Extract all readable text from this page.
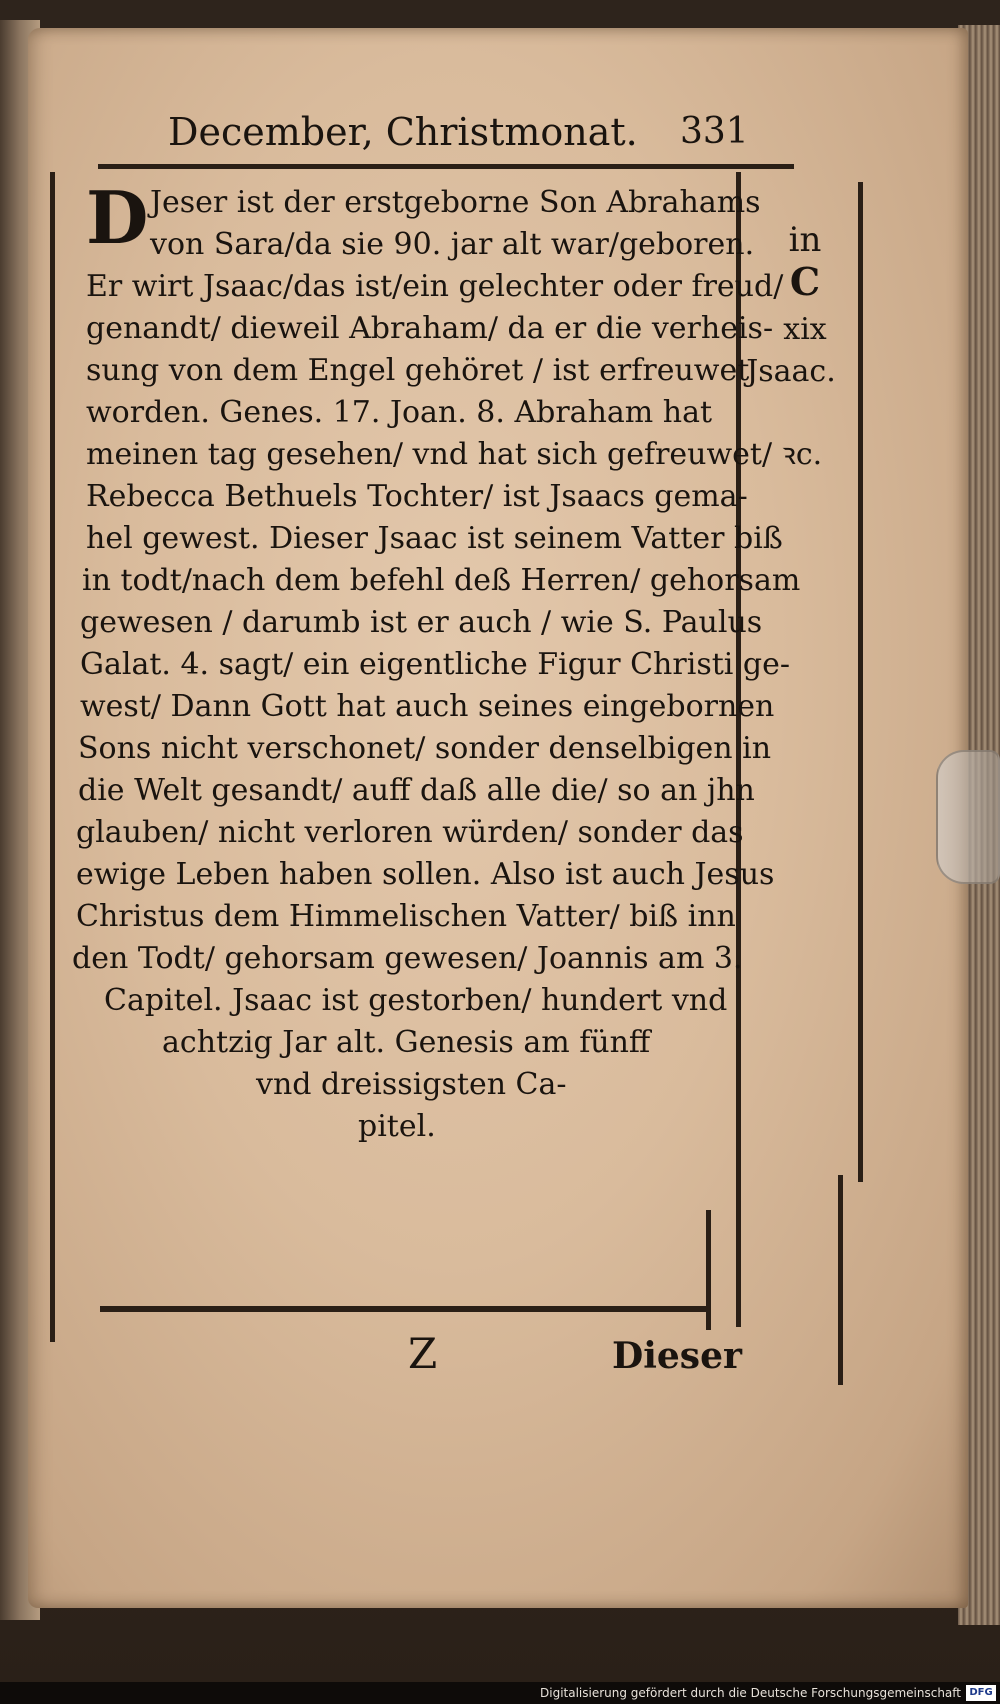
December, Christmonat.	331
D Jeser ist der erstgeborne Son Abrahams
von Sara/da sie 90. jar alt war/geboren.
Er wirt Jsaac/das ist/ein gelechter oder freud/
genandt/ dieweil Abraham/ da er die verheis-
sung von dem Engel gehöret / ist erfreuwet
worden. Genes. 17. Joan. 8. Abraham hat
meinen tag gesehen/ vnd hat sich gefreuwet/ ꝛc.
Rebecca Bethuels Tochter/ ist Jsaacs gema-
hel gewest. Dieser Jsaac ist seinem Vatter biß
in todt/nach dem befehl deß Herren/ gehorsam
gewesen / darumb ist er auch / wie S. Paulus
Galat. 4. sagt/ ein eigentliche Figur Christi ge-
west/ Dann Gott hat auch seines eingebornen
Sons nicht verschonet/ sonder denselbigen in
die Welt gesandt/ auff daß alle die/ so an jhn
glauben/ nicht verloren würden/ sonder das
ewige Leben haben sollen. Also ist auch Jesus
Christus dem Himmelischen Vatter/ biß inn
den Todt/ gehorsam gewesen/ Joannis am 3.
Capitel. Jsaac ist gestorben/ hundert vnd
achtzig Jar alt. Genesis am fünff
vnd dreissigsten Ca-
pitel.
in
C
xix
Jsaac.
Z	Dieser
Digitalisierung gefördert durch die Deutsche Forschungsgemeinschaft DFG
